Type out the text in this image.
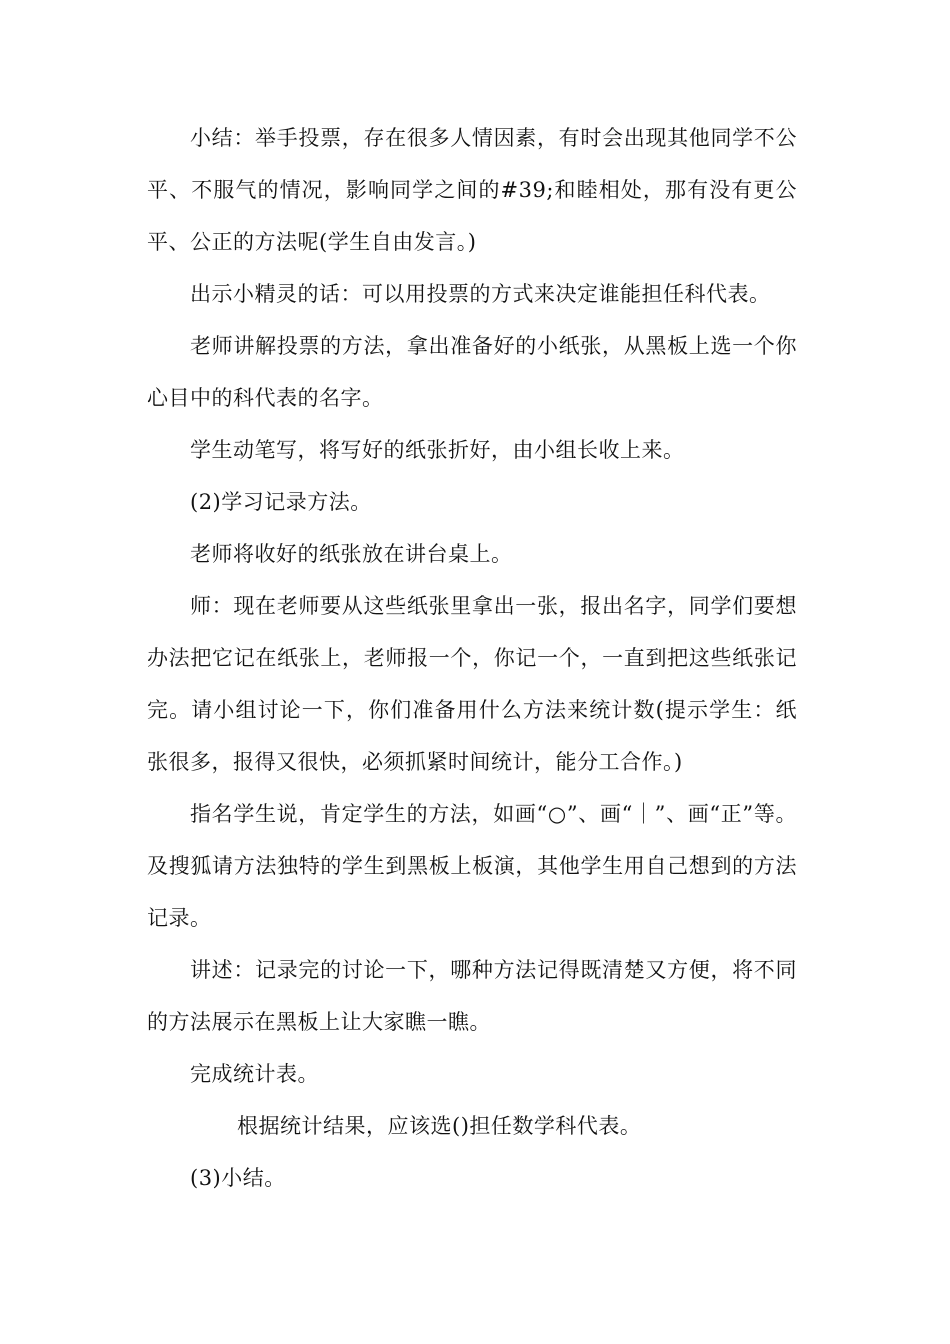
小结：举手投票，存在很多人情因素，有时会出现其他同学不公平、不服气的情况，影响同学之间的#39;和睦相处，那有没有更公平、公正的方法呢(学生自由发言。)

出示小精灵的话：可以用投票的方式来决定谁能担任科代表。

老师讲解投票的方法，拿出准备好的小纸张，从黑板上选一个你心目中的科代表的名字。

学生动笔写，将写好的纸张折好，由小组长收上来。

(2)学习记录方法。

老师将收好的纸张放在讲台桌上。

师：现在老师要从这些纸张里拿出一张，报出名字，同学们要想办法把它记在纸张上，老师报一个，你记一个，一直到把这些纸张记完。请小组讨论一下，你们准备用什么方法来统计数(提示学生：纸张很多，报得又很快，必须抓紧时间统计，能分工合作。)

指名学生说，肯定学生的方法，如画“○”、画“｜”、画“正”等。及搜狐请方法独特的学生到黑板上板演，其他学生用自己想到的方法记录。

讲述：记录完的讨论一下，哪种方法记得既清楚又方便，将不同的方法展示在黑板上让大家瞧一瞧。

完成统计表。

根据统计结果，应该选()担任数学科代表。

(3)小结。
